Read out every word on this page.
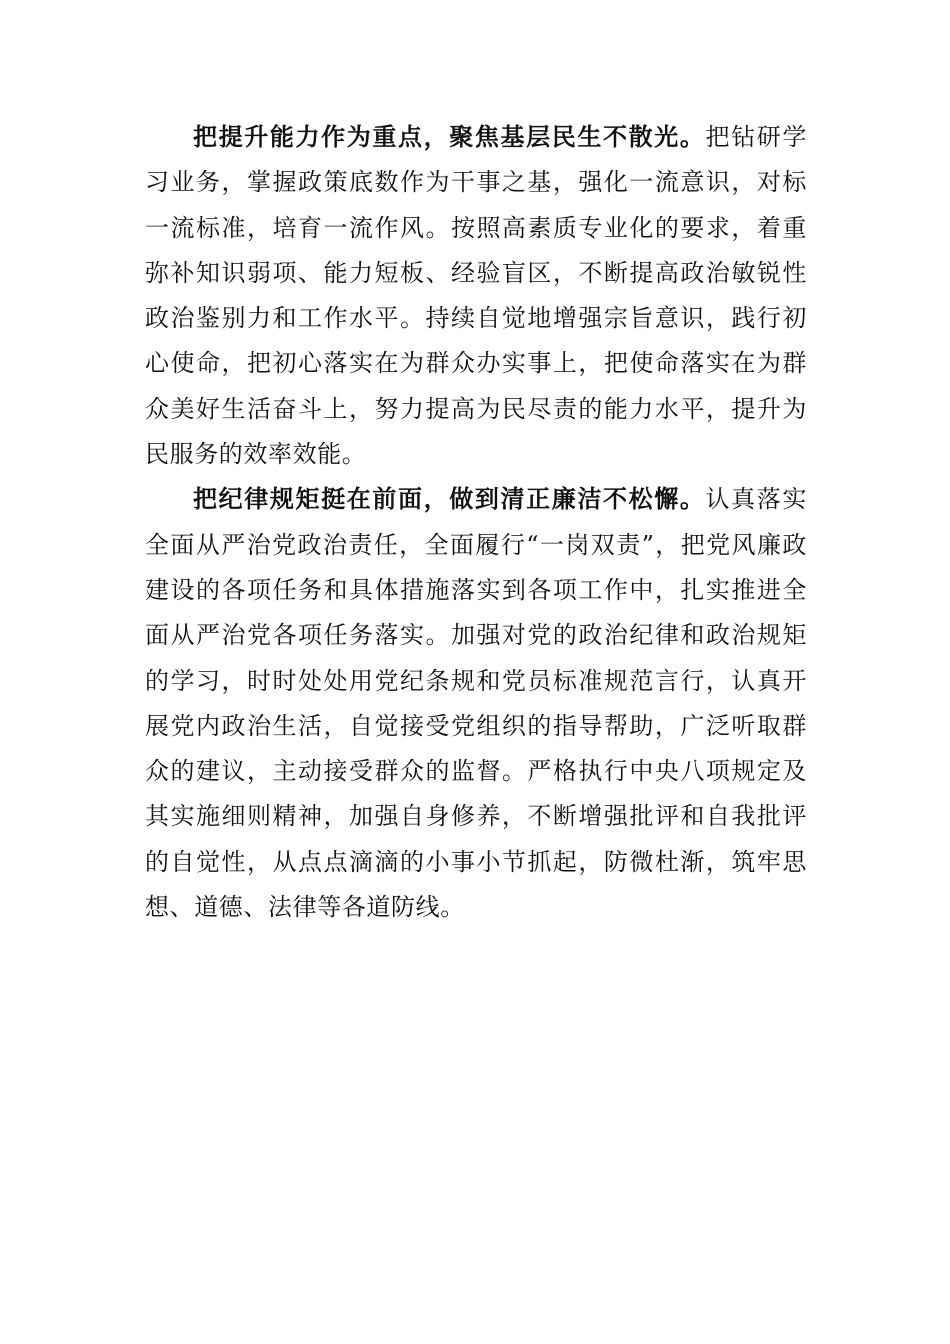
把提升能力作为重点，聚焦基层民生不散光。把钻研学习业务，掌握政策底数作为干事之基，强化一流意识，对标一流标准，培育一流作风。按照高素质专业化的要求，着重弥补知识弱项、能力短板、经验盲区，不断提高政治敏锐性政治鉴别力和工作水平。持续自觉地增强宗旨意识，践行初心使命，把初心落实在为群众办实事上，把使命落实在为群众美好生活奋斗上，努力提高为民尽责的能力水平，提升为民服务的效率效能。

把纪律规矩挺在前面，做到清正廉洁不松懈。认真落实全面从严治党政治责任，全面履行“一岗双责”，把党风廉政建设的各项任务和具体措施落实到各项工作中，扎实推进全面从严治党各项任务落实。加强对党的政治纪律和政治规矩的学习，时时处处用党纪条规和党员标准规范言行，认真开展党内政治生活，自觉接受党组织的指导帮助，广泛听取群众的建议，主动接受群众的监督。严格执行中央八项规定及其实施细则精神，加强自身修养，不断增强批评和自我批评的自觉性，从点点滴滴的小事小节抓起，防微杜渐，筑牢思想、道德、法律等各道防线。
